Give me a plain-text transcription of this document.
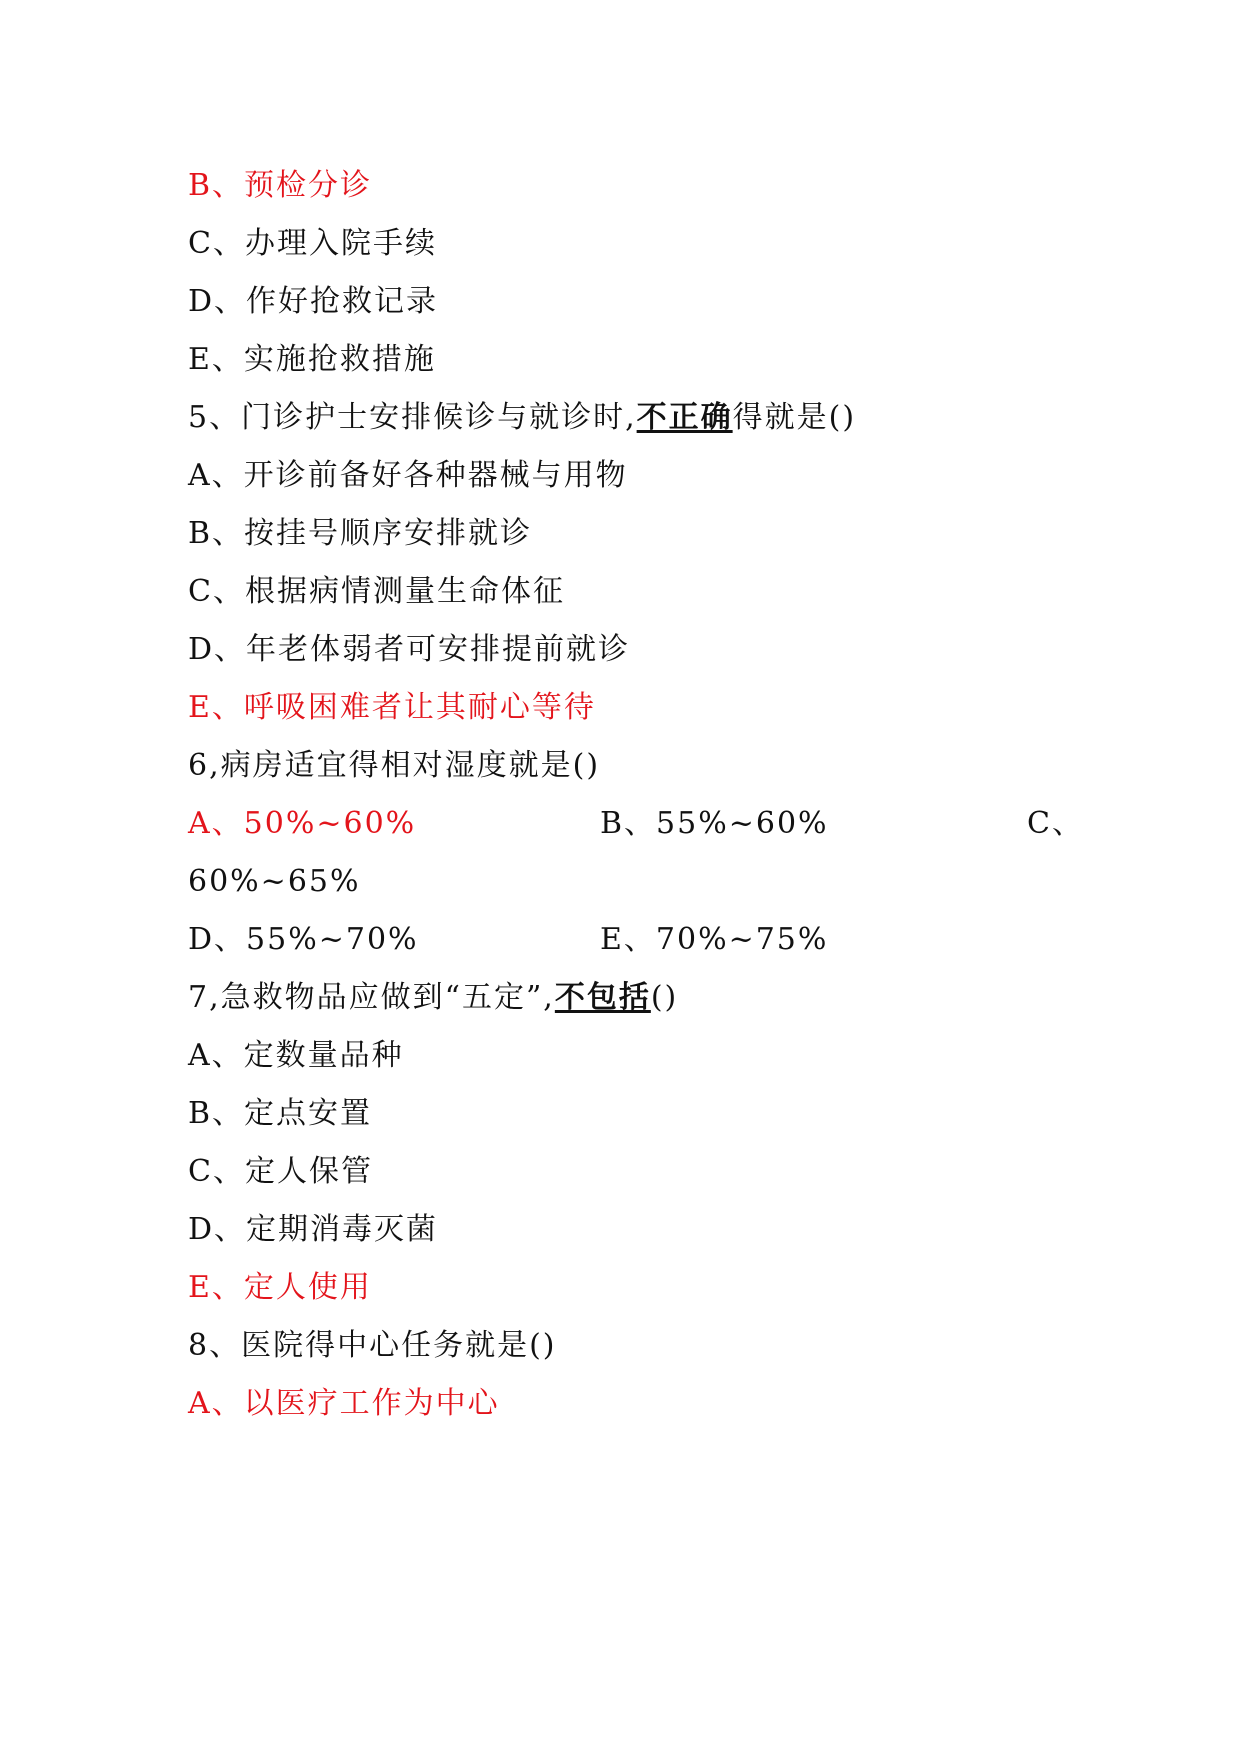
B、预检分诊
C、办理入院手续
D、作好抢救记录
E、实施抢救措施
5、门诊护士安排候诊与就诊时,不正确得就是()
A、开诊前备好各种器械与用物
B、按挂号顺序安排就诊
C、根据病情测量生命体征
D、年老体弱者可安排提前就诊
E、呼吸困难者让其耐心等待
6,病房适宜得相对湿度就是()
A、50%~60%	B、55%~60%	C、
60%~65%
D、55%~70%	E、70%~75%
7,急救物品应做到“五定”,不包括()
A、定数量品种
B、定点安置
C、定人保管
D、定期消毒灭菌
E、定人使用
8、医院得中心任务就是()
A、以医疗工作为中心
